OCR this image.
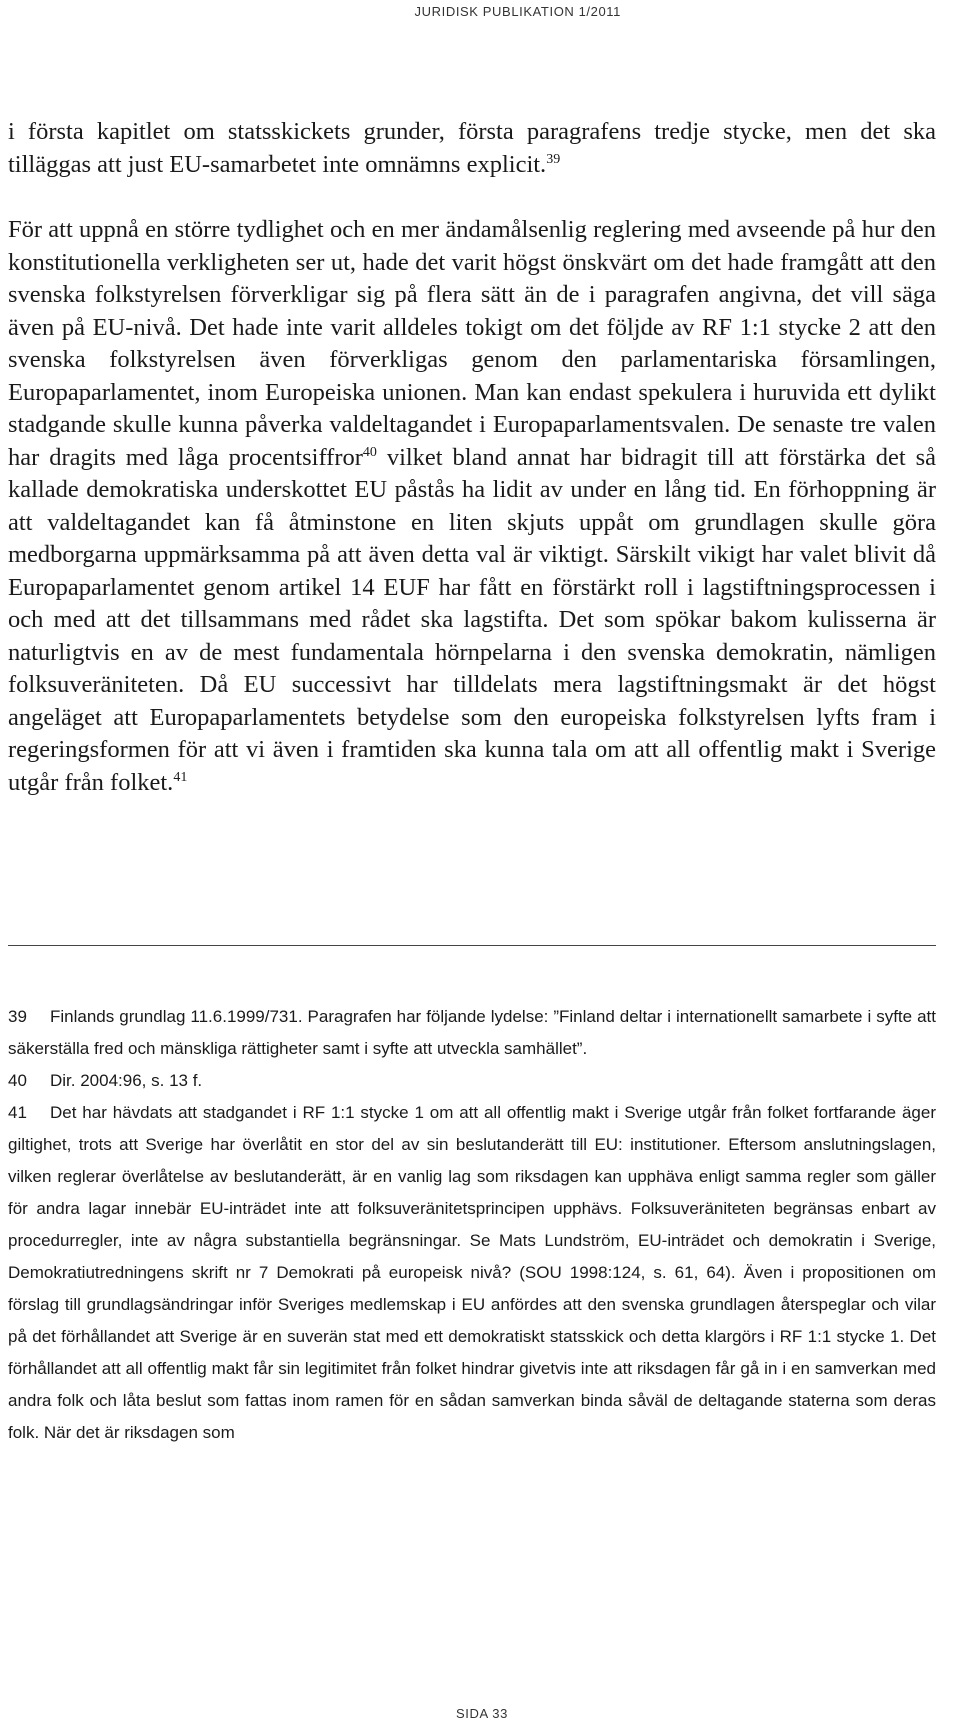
JURIDISK PUBLIKATION 1/2011

i första kapitlet om statsskickets grunder, första paragrafens tredje stycke, men det ska tilläggas att just EU-samarbetet inte omnämns explicit.$^{39}$

För att uppnå en större tydlighet och en mer ändamålsenlig reglering med avseende på hur den konstitutionella verkligheten ser ut, hade det varit högst önskvärt om det hade framgått att den svenska folkstyrelsen förverkligar sig på flera sätt än de i paragrafen angivna, det vill säga även på EU-nivå. Det hade inte varit alldeles tokigt om det följde av RF 1:1 stycke 2 att den svenska folkstyrelsen även förverkligas genom den parlamentariska församlingen, Europaparlamentet, inom Europeiska unionen. Man kan endast spekulera i huruvida ett dylikt stadgande skulle kunna påverka valdeltagandet i Europaparlamentsvalen. De senaste tre valen har dragits med låga procentsiffror$^{40}$ vilket bland annat har bidragit till att förstärka det så kallade demokratiska underskottet EU påstås ha lidit av under en lång tid. En förhoppning är att valdeltagandet kan få åtminstone en liten skjuts uppåt om grundlagen skulle göra medborgarna uppmärksamma på att även detta val är viktigt. Särskilt vikigt har valet blivit då Europaparlamentet genom artikel 14 EUF har fått en förstärkt roll i lagstiftningsprocessen i och med att det tillsammans med rådet ska lagstifta. Det som spökar bakom kulisserna är naturligtvis en av de mest fundamentala hörnpelarna i den svenska demokratin, nämligen folksuveräniteten. Då EU successivt har tilldelats mera lagstiftningsmakt är det högst angeläget att Europaparlamentets betydelse som den europeiska folkstyrelsen lyfts fram i regeringsformen för att vi även i framtiden ska kunna tala om att all offentlig makt i Sverige utgår från folket.$^{41}$

39 Finlands grundlag 11.6.1999/731. Paragrafen har följande lydelse: ”Finland deltar i internationellt samarbete i syfte att säkerställa fred och mänskliga rättigheter samt i syfte att utveckla samhället”.

40 Dir. 2004:96, s. 13 f.

41 Det har hävdats att stadgandet i RF 1:1 stycke 1 om att all offentlig makt i Sverige utgår från folket fortfarande äger giltighet, trots att Sverige har överlåtit en stor del av sin beslutanderätt till EU: institutioner. Eftersom anslutningslagen, vilken reglerar överlåtelse av beslutanderätt, är en vanlig lag som riksdagen kan upphäva enligt samma regler som gäller för andra lagar innebär EU-inträdet inte att folksuveränitetsprincipen upphävs. Folksuveräniteten begränsas enbart av procedurregler, inte av några substantiella begränsningar. Se Mats Lundström, EU-inträdet och demokratin i Sverige, Demokratiutredningens skrift nr 7 Demokrati på europeisk nivå? (SOU 1998:124, s. 61, 64). Även i propositionen om förslag till grundlagsändringar inför Sveriges medlemskap i EU anfördes att den svenska grundlagen återspeglar och vilar på det förhållandet att Sverige är en suverän stat med ett demokratiskt statsskick och detta klargörs i RF 1:1 stycke 1. Det förhållandet att all offentlig makt får sin legitimitet från folket hindrar givetvis inte att riksdagen får gå in i en samverkan med andra folk och låta beslut som fattas inom ramen för en sådan samverkan binda såväl de deltagande staterna som deras folk. När det är riksdagen som

SIDA 33
